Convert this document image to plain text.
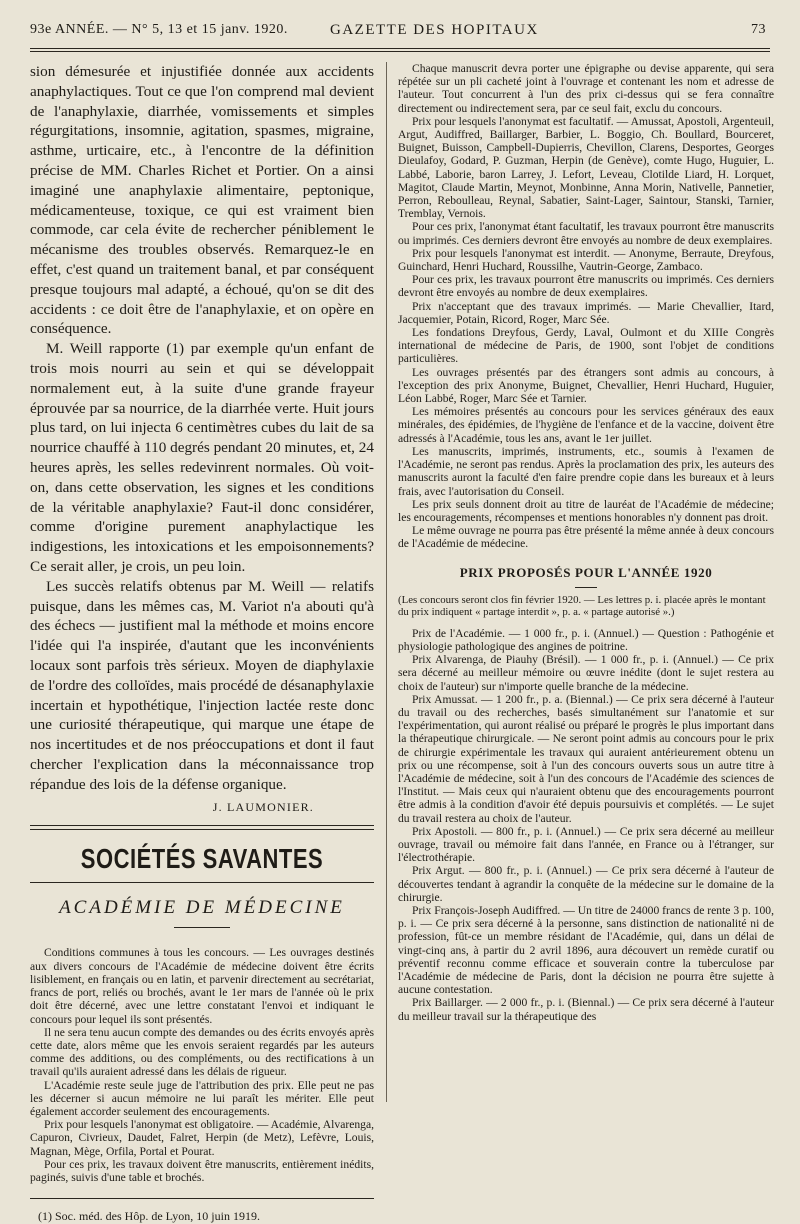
93e ANNÉE. — N° 5, 13 et 15 janv. 1920.	GAZETTE DES HOPITAUX	73

sion démesurée et injustifiée donnée aux accidents anaphylactiques. Tout ce que l'on comprend mal devient de l'anaphylaxie, diarrhée, vomissements et simples régurgitations, insomnie, agitation, spasmes, migraine, asthme, urticaire, etc., à l'encontre de la définition précise de MM. Charles Richet et Portier. On a ainsi imaginé une anaphylaxie alimentaire, peptonique, médicamenteuse, toxique, ce qui est vraiment bien commode, car cela évite de rechercher péniblement le mécanisme des troubles observés. Remarquez-le en effet, c'est quand un traitement banal, et par conséquent presque toujours mal adapté, a échoué, qu'on se dit des accidents : ce doit être de l'anaphylaxie, et on opère en conséquence.

M. Weill rapporte (1) par exemple qu'un enfant de trois mois nourri au sein et qui se développait normalement eut, à la suite d'une grande frayeur éprouvée par sa nourrice, de la diarrhée verte. Huit jours plus tard, on lui injecta 6 centimètres cubes du lait de sa nourrice chauffé à 110 degrés pendant 20 minutes, et, 24 heures après, les selles redevinrent normales. Où voit-on, dans cette observation, les signes et les conditions de la véritable anaphylaxie? Faut-il donc considérer, comme d'origine purement anaphylactique les indigestions, les intoxications et les empoisonnements? Ce serait aller, je crois, un peu loin.

Les succès relatifs obtenus par M. Weill — relatifs puisque, dans les mêmes cas, M. Variot n'a abouti qu'à des échecs — justifient mal la méthode et moins encore l'idée qui l'a inspirée, d'autant que les inconvénients locaux sont parfois très sérieux. Moyen de diaphylaxie de l'ordre des colloïdes, mais procédé de désanaphylaxie incertain et hypothétique, l'injection lactée reste donc une curiosité thérapeutique, qui marque une étape de nos incertitudes et de nos préoccupations et dont il faut chercher l'explication dans la méconnaissance trop répandue des lois de la défense organique.

J. LAUMONIER.
SOCIÉTÉS SAVANTES
ACADÉMIE DE MÉDECINE

Conditions communes à tous les concours. — Les ouvrages destinés aux divers concours de l'Académie de médecine doivent être écrits lisiblement, en français ou en latin, et parvenir directement au secrétariat, francs de port, reliés ou brochés, avant le 1er mars de l'année où le prix doit être décerné, avec une lettre constatant l'envoi et indiquant le concours pour lequel ils sont présentés.

Il ne sera tenu aucun compte des demandes ou des écrits envoyés après cette date, alors même que les envois seraient regardés par les auteurs comme des additions, ou des compléments, ou des rectifications à un travail qu'ils auraient adressé dans les délais de rigueur.

L'Académie reste seule juge de l'attribution des prix. Elle peut ne pas les décerner si aucun mémoire ne lui paraît les mériter. Elle peut également accorder seulement des encouragements.

Prix pour lesquels l'anonymat est obligatoire. — Académie, Alvarenga, Capuron, Civrieux, Daudet, Falret, Herpin (de Metz), Lefèvre, Louis, Magnan, Mège, Orfila, Portal et Pourat.

Pour ces prix, les travaux doivent être manuscrits, entièrement inédits, paginés, suivis d'une table et brochés.

(1) Soc. méd. des Hôp. de Lyon, 10 juin 1919.

Chaque manuscrit devra porter une épigraphe ou devise apparente, qui sera répétée sur un pli cacheté joint à l'ouvrage et contenant les nom et adresse de l'auteur. Tout concurrent à l'un des prix ci-dessus qui se fera connaître directement ou indirectement sera, par ce seul fait, exclu du concours.

Prix pour lesquels l'anonymat est facultatif. — Amussat, Apostoli, Argenteuil, Argut, Audiffred, Baillarger, Barbier, L. Boggio, Ch. Boullard, Bourceret, Buignet, Buisson, Campbell-Dupierris, Chevillon, Clarens, Desportes, Georges Dieulafoy, Godard, P. Guzman, Herpin (de Genève), comte Hugo, Huguier, L. Labbé, Laborie, baron Larrey, J. Lefort, Leveau, Clotilde Liard, H. Lorquet, Magitot, Claude Martin, Meynot, Monbinne, Anna Morin, Nativelle, Pannetier, Perron, Reboulleau, Reynal, Sabatier, Saint-Lager, Saintour, Stanski, Tarnier, Tremblay, Vernois.

Pour ces prix, l'anonymat étant facultatif, les travaux pourront être manuscrits ou imprimés. Ces derniers devront être envoyés au nombre de deux exemplaires.

Prix pour lesquels l'anonymat est interdit. — Anonyme, Berraute, Dreyfous, Guinchard, Henri Huchard, Roussilhe, Vautrin-George, Zambaco.

Pour ces prix, les travaux pourront être manuscrits ou imprimés. Ces derniers devront être envoyés au nombre de deux exemplaires.

Prix n'acceptant que des travaux imprimés. — Marie Chevallier, Itard, Jacquemier, Potain, Ricord, Roger, Marc Sée.

Les fondations Dreyfous, Gerdy, Laval, Oulmont et du XIIIe Congrès international de médecine de Paris, de 1900, sont l'objet de conditions particulières.

Les ouvrages présentés par des étrangers sont admis au concours, à l'exception des prix Anonyme, Buignet, Chevallier, Henri Huchard, Huguier, Léon Labbé, Roger, Marc Sée et Tarnier.

Les mémoires présentés au concours pour les services généraux des eaux minérales, des épidémies, de l'hygiène de l'enfance et de la vaccine, doivent être adressés à l'Académie, tous les ans, avant le 1er juillet.

Les manuscrits, imprimés, instruments, etc., soumis à l'examen de l'Académie, ne seront pas rendus. Après la proclamation des prix, les auteurs des manuscrits auront la faculté d'en faire prendre copie dans les bureaux et à leurs frais, avec l'autorisation du Conseil.

Les prix seuls donnent droit au titre de lauréat de l'Académie de médecine; les encouragements, récompenses et mentions honorables n'y donnent pas droit.

Le même ouvrage ne pourra pas être présenté la même année à deux concours de l'Académie de médecine.

PRIX PROPOSÉS POUR L'ANNÉE 1920

(Les concours seront clos fin février 1920. — Les lettres p. i. placée après le montant du prix indiquent « partage interdit », p. a. « partage autorisé ».)

Prix de l'Académie. — 1 000 fr., p. i. (Annuel.) — Question : Pathogénie et physiologie pathologique des angines de poitrine.

Prix Alvarenga, de Piauhy (Brésil). — 1 000 fr., p. i. (Annuel.) — Ce prix sera décerné au meilleur mémoire ou œuvre inédite (dont le sujet restera au choix de l'auteur) sur n'importe quelle branche de la médecine.

Prix Amussat. — 1 200 fr., p. a. (Biennal.) — Ce prix sera décerné à l'auteur du travail ou des recherches, basés simultanément sur l'anatomie et sur l'expérimentation, qui auront réalisé ou préparé le progrès le plus important dans la thérapeutique chirurgicale. — Ne seront point admis au concours pour le prix de chirurgie expérimentale les travaux qui auraient antérieurement obtenu un prix ou une récompense, soit à l'un des concours ouverts sous un autre titre à l'Académie de médecine, soit à l'un des concours de l'Académie des sciences de l'Institut. — Mais ceux qui n'auraient obtenu que des encouragements pourront être admis à la condition d'avoir été depuis poursuivis et complétés. — Le sujet du travail restera au choix de l'auteur.

Prix Apostoli. — 800 fr., p. i. (Annuel.) — Ce prix sera décerné au meilleur ouvrage, travail ou mémoire fait dans l'année, en France ou à l'étranger, sur l'électrothérapie.

Prix Argut. — 800 fr., p. i. (Annuel.) — Ce prix sera décerné à l'auteur de découvertes tendant à agrandir la conquête de la médecine sur le domaine de la chirurgie.

Prix François-Joseph Audiffred. — Un titre de 24000 francs de rente 3 p. 100, p. i. — Ce prix sera décerné à la personne, sans distinction de nationalité ni de profession, fût-ce un membre résidant de l'Académie, qui, dans un délai de vingt-cinq ans, à partir du 2 avril 1896, aura découvert un remède curatif ou préventif reconnu comme efficace et souverain contre la tuberculose par l'Académie de médecine de Paris, dont la décision ne pourra être sujette à aucune contestation.

Prix Baillarger. — 2 000 fr., p. i. (Biennal.) — Ce prix sera décerné à l'auteur du meilleur travail sur la thérapeutique des
